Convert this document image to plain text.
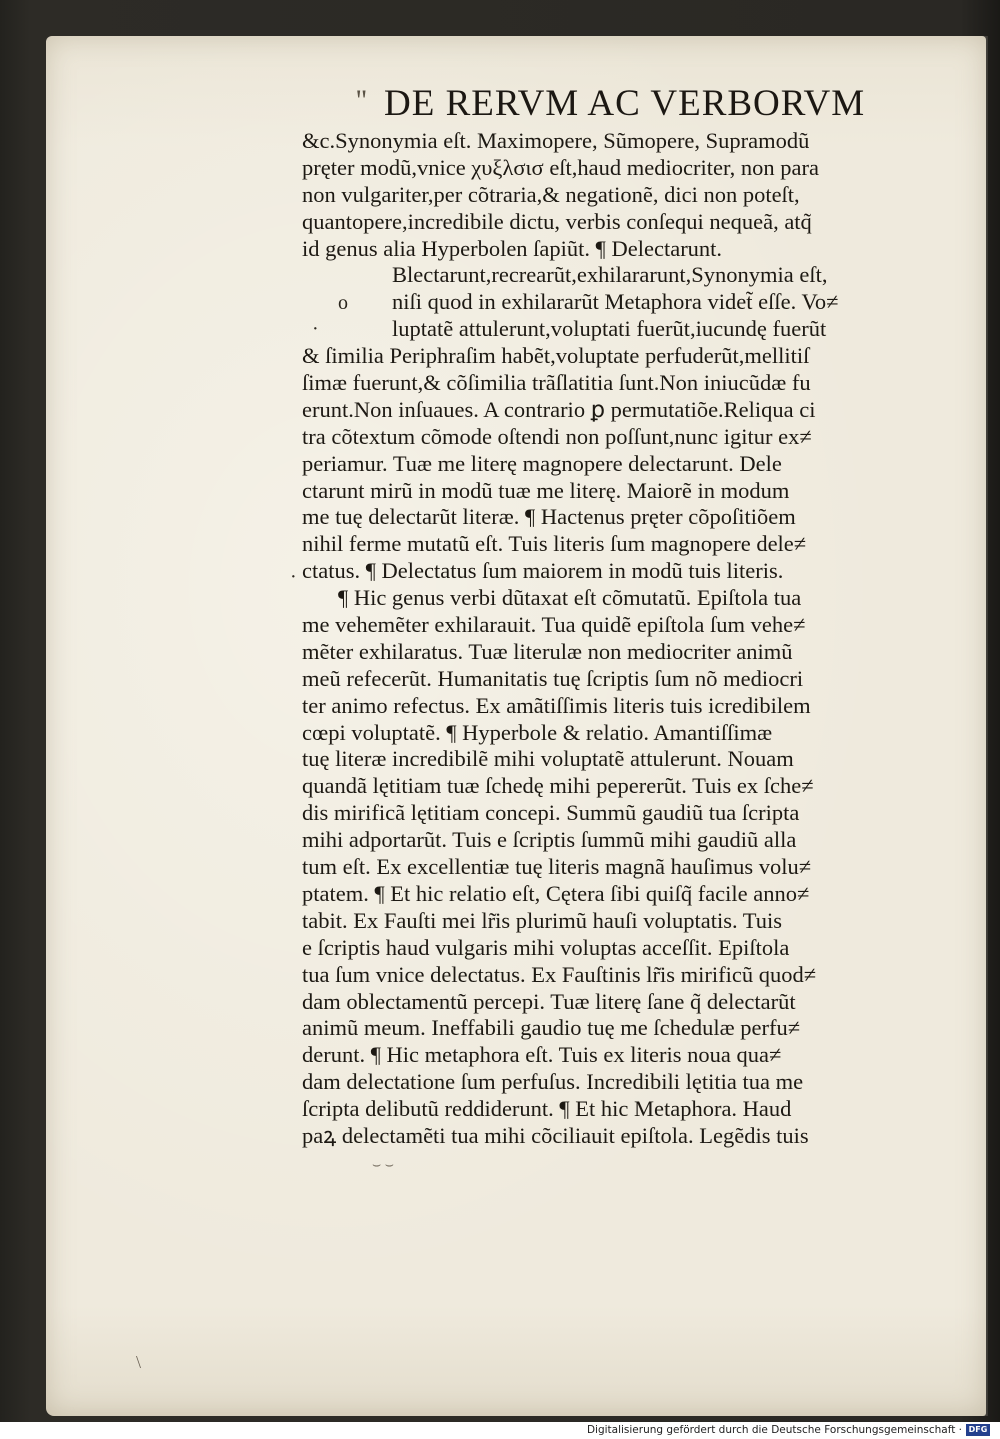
'' DE RERVM AC VERBORVM
o
·
·
&c.Synonymia eſt. Maximopere, Sũmopere, Supramodũ
pręter modũ,vnice χυξλσισ eſt,haud mediocriter, non para
non vulgariter,per cõtraria,& negationẽ, dici non poteſt,
quantopere,incredibile dictu, verbis conſequi nequeã, atq̃
id genus alia Hyperbolen ſapiũt. ¶ Delectarunt.
Blectarunt,recrearũt,exhilararunt,Synonymia eſt,
niſi quod in exhilararũt Metaphora videt̃ eſſe. Vo≠
luptatẽ attulerunt,voluptati fuerũt,iucundę fuerũt
& ſimilia Periphraſim habẽt,voluptate perfuderũt,mellitiſ
ſimæ fuerunt,& cõſimilia trãſlatitia ſunt.Non iniucũdæ fu
erunt.Non inſuaues. A contrario ꝑ permutatiõe.Reliqua ci
tra cõtextum cõmode oſtendi non poſſunt,nunc igitur ex≠
periamur. Tuæ me literę magnopere delectarunt. Dele
ctarunt mirũ in modũ tuæ me literę. Maiorẽ in modum
me tuę delectarũt literæ. ¶ Hactenus pręter cõpoſitiõem
nihil ferme mutatũ eſt. Tuis literis ſum magnopere dele≠
ctatus. ¶ Delectatus ſum maiorem in modũ tuis literis.
¶ Hic genus verbi dũtaxat eſt cõmutatũ. Epiſtola tua
me vehemẽter exhilarauit. Tua quidẽ epiſtola ſum vehe≠
mẽter exhilaratus. Tuæ literulæ non mediocriter animũ
meũ refecerũt. Humanitatis tuę ſcriptis ſum nõ mediocri
ter animo refectus. Ex amãtiſſimis literis tuis icredibilem
cœpi voluptatẽ. ¶ Hyperbole & relatio. Amantiſſimæ
tuę literæ incredibilẽ mihi voluptatẽ attulerunt. Nouam
quandã lętitiam tuæ ſchedę mihi pepererũt. Tuis ex ſche≠
dis mirificã lętitiam concepi. Summũ gaudiũ tua ſcripta
mihi adportarũt. Tuis e ſcriptis ſummũ mihi gaudiũ alla
tum eſt. Ex excellentiæ tuę literis magnã hauſimus volu≠
ptatem. ¶ Et hic relatio eſt, Cętera ſibi quiſq̃ facile anno≠
tabit. Ex Fauſti mei lr̃is plurimũ hauſi voluptatis. Tuis
e ſcriptis haud vulgaris mihi voluptas acceſſit. Epiſtola
tua ſum vnice delectatus. Ex Fauſtinis lr̃is mirificũ quod≠
dam oblectamentũ percepi. Tuæ literę ſane q̃ delectarũt
animũ meum. Ineffabili gaudio tuę me ſchedulæ perfu≠
derunt. ¶ Hic metaphora eſt. Tuis ex literis noua qua≠
dam delectatione ſum perfuſus. Incredibili lętitia tua me
ſcripta delibutũ reddiderunt. ¶ Et hic Metaphora. Haud
paꝝ delectamẽti tua mihi cõciliauit epiſtola. Legẽdis tuis
\
⌣ ⌣
Digitalisierung gefördert durch die Deutsche Forschungsgemeinschaft · DFG
